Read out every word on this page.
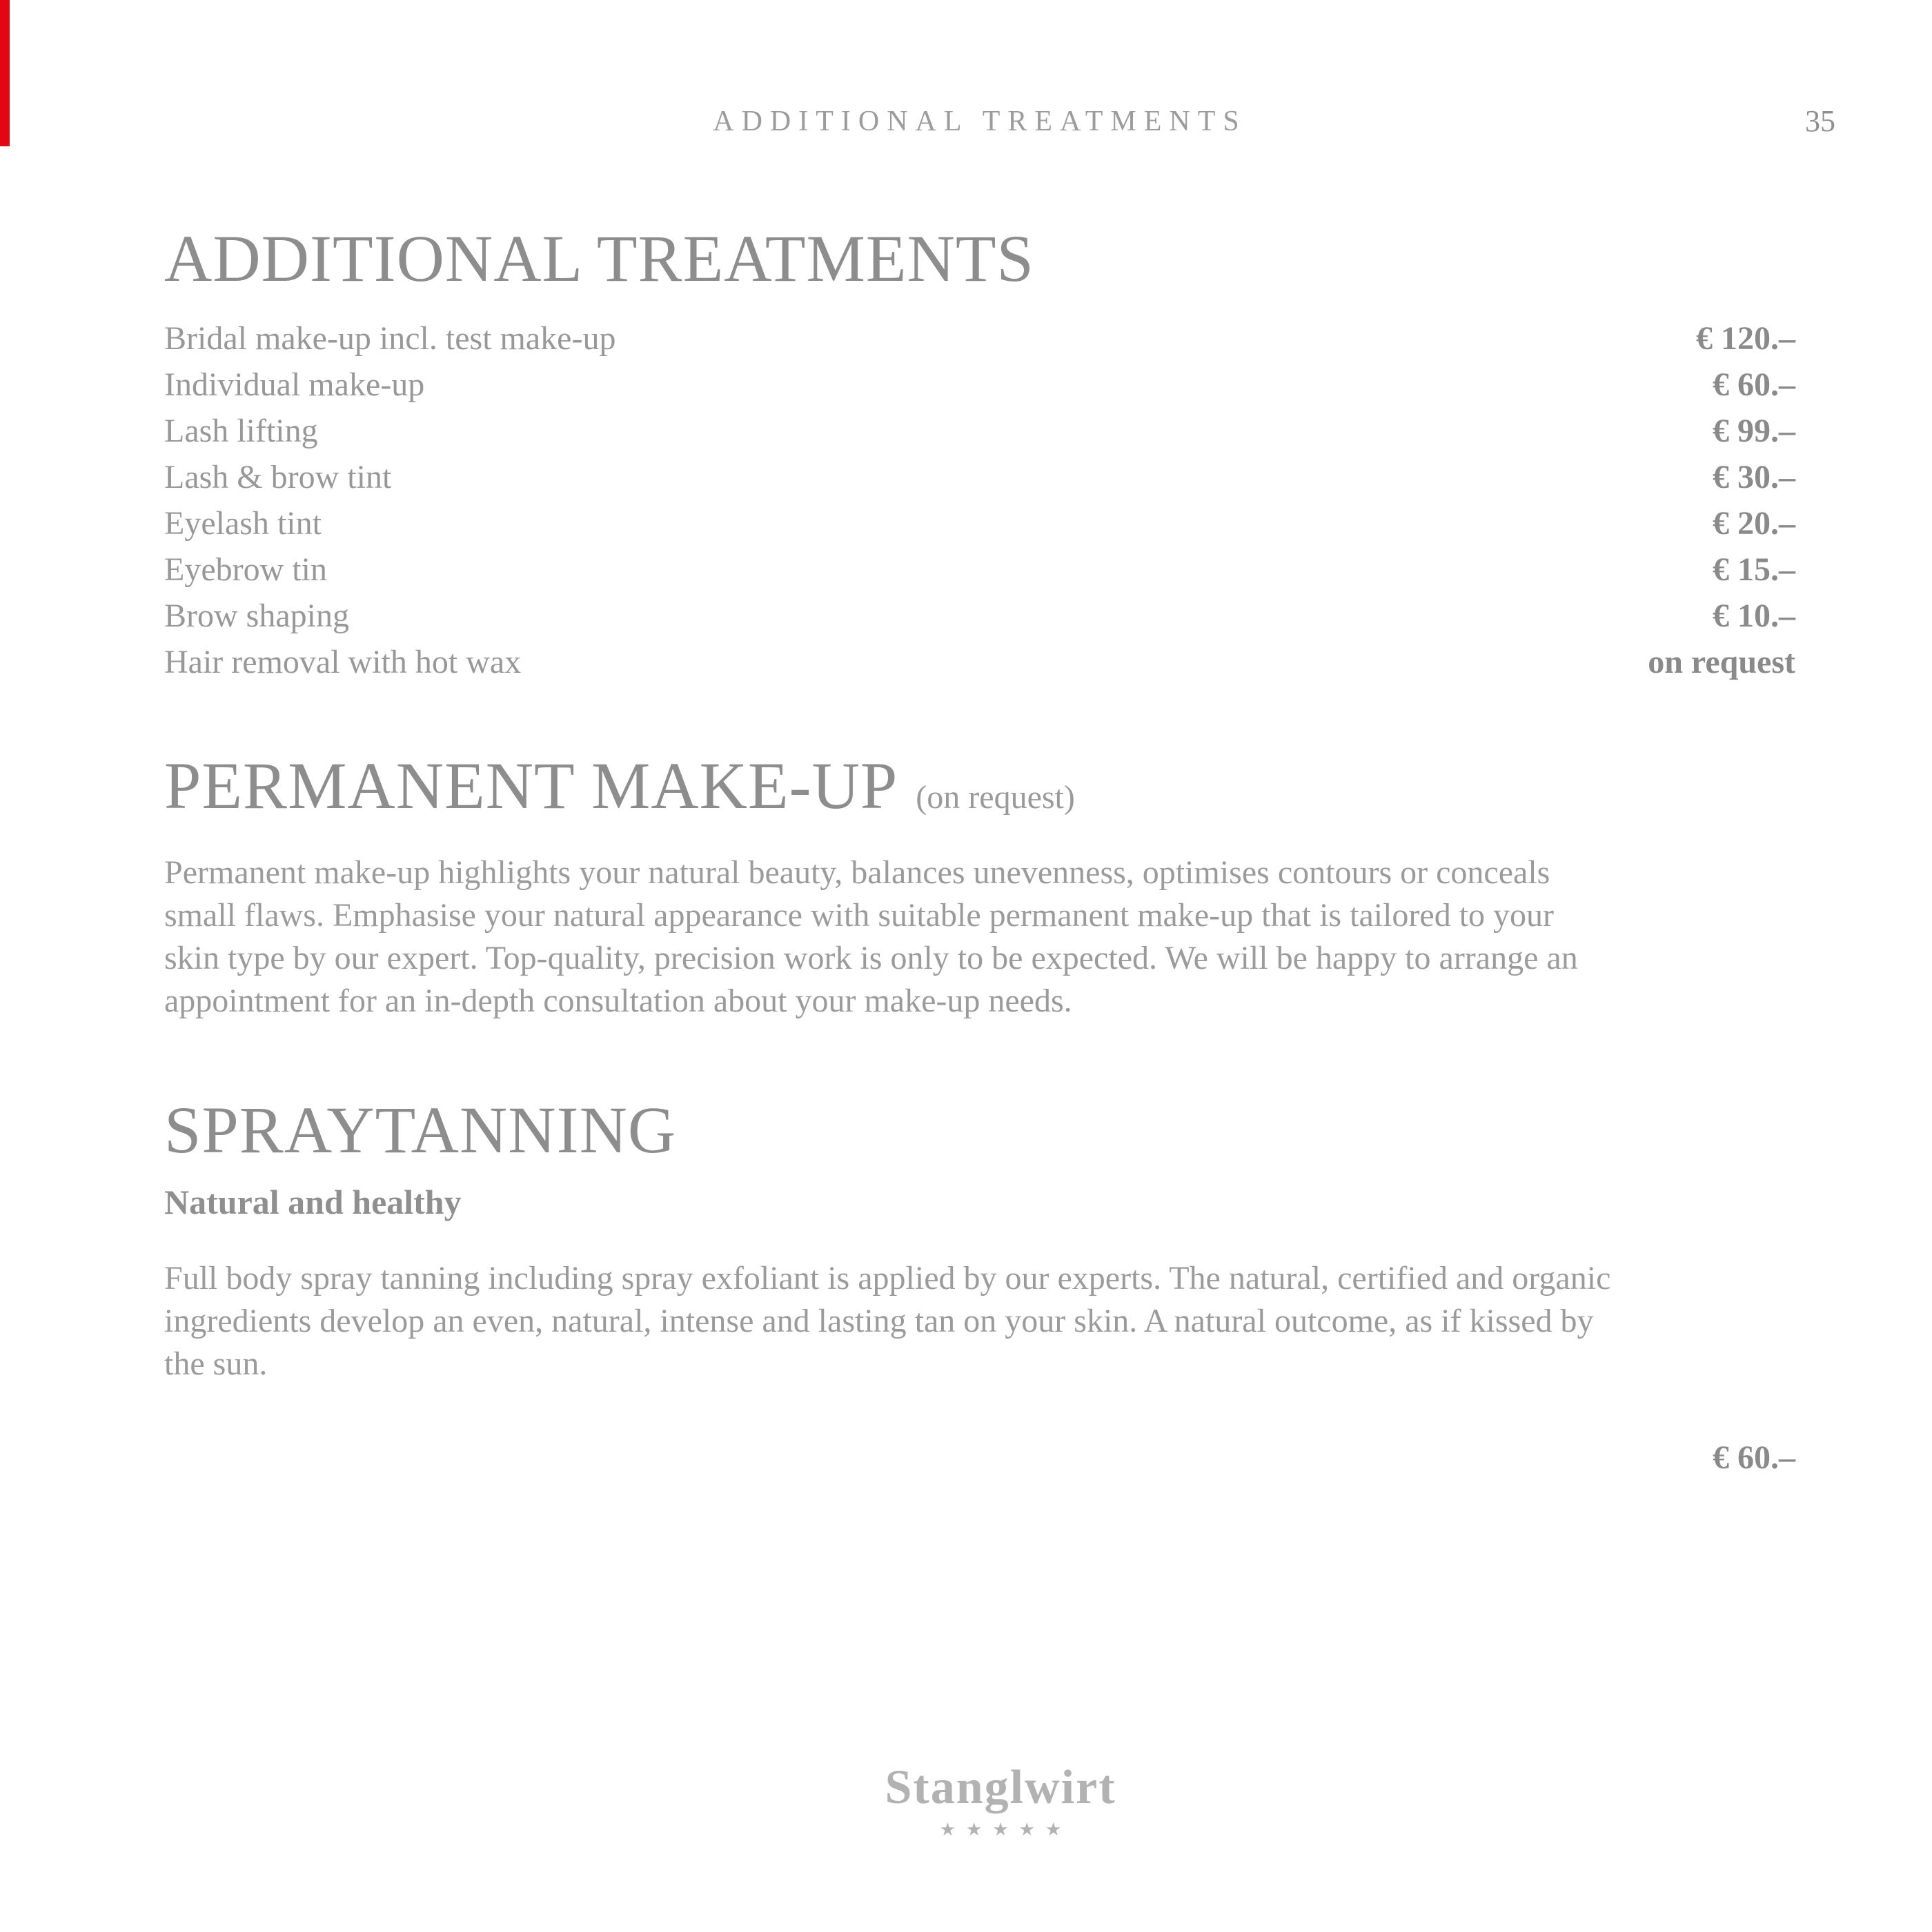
ADDITIONAL TREATMENTS	35
ADDITIONAL TREATMENTS
Bridal make-up incl. test make-up	€ 120.–
Individual make-up	€ 60.–
Lash lifting	€ 99.–
Lash & brow tint	€ 30.–
Eyelash tint	€ 20.–
Eyebrow tin	€ 15.–
Brow shaping	€ 10.–
Hair removal with hot wax	on request
PERMANENT MAKE-UP (on request)
Permanent make-up highlights your natural beauty, balances unevenness, optimises contours or conceals
small flaws. Emphasise your natural appearance with suitable permanent make-up that is tailored to your
skin type by our expert. Top-quality, precision work is only to be expected. We will be happy to arrange an
appointment for an in-depth consultation about your make-up needs.
SPRAYTANNING
Natural and healthy
Full body spray tanning including spray exfoliant is applied by our experts. The natural, certified and organic
ingredients develop an even, natural, intense and lasting tan on your skin. A natural outcome, as if kissed by
the sun.
€ 60.–
Stanglwirt
★★★★★
